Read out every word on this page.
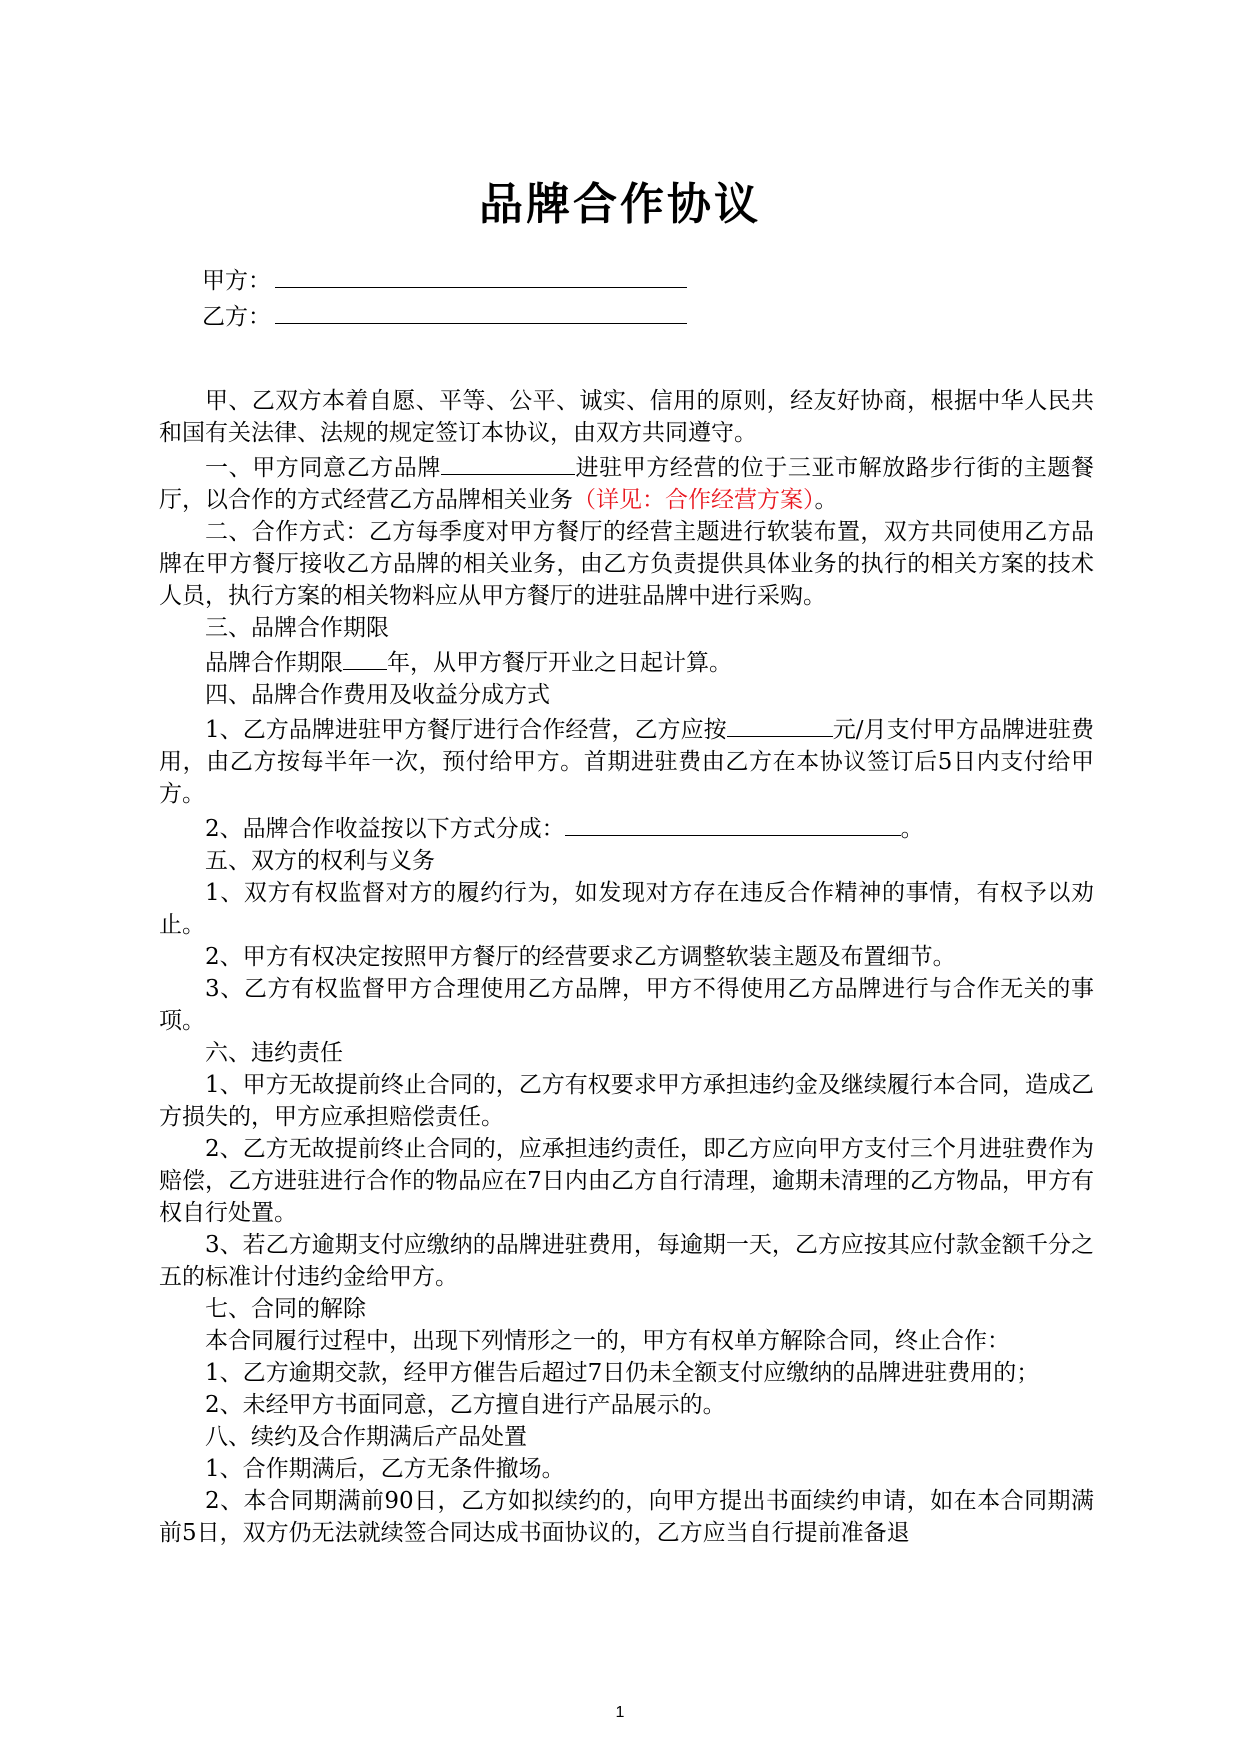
品牌合作协议
甲方：
乙方：

甲、乙双方本着自愿、平等、公平、诚实、信用的原则，经友好协商，根据中华人民共和国有关法律、法规的规定签订本协议，由双方共同遵守。

一、甲方同意乙方品牌	进驻甲方经营的位于三亚市解放路步行街的主题餐厅，以合作的方式经营乙方品牌相关业务（详见：合作经营方案）。

二、合作方式：乙方每季度对甲方餐厅的经营主题进行软装布置，双方共同使用乙方品牌在甲方餐厅接收乙方品牌的相关业务，由乙方负责提供具体业务的执行的相关方案的技术人员，执行方案的相关物料应从甲方餐厅的进驻品牌中进行采购。

三、品牌合作期限

品牌合作期限 年，从甲方餐厅开业之日起计算。

四、品牌合作费用及收益分成方式

1、乙方品牌进驻甲方餐厅进行合作经营，乙方应按	元/月支付甲方品牌进驻费用，由乙方按每半年一次，预付给甲方。首期进驻费由乙方在本协议签订后5日内支付给甲方。

2、品牌合作收益按以下方式分成：	。

五、双方的权利与义务

1、双方有权监督对方的履约行为，如发现对方存在违反合作精神的事情，有权予以劝止。

2、甲方有权决定按照甲方餐厅的经营要求乙方调整软装主题及布置细节。

3、乙方有权监督甲方合理使用乙方品牌，甲方不得使用乙方品牌进行与合作无关的事项。

六、违约责任

1、甲方无故提前终止合同的，乙方有权要求甲方承担违约金及继续履行本合同，造成乙方损失的，甲方应承担赔偿责任。

2、乙方无故提前终止合同的，应承担违约责任，即乙方应向甲方支付三个月进驻费作为赔偿，乙方进驻进行合作的物品应在7日内由乙方自行清理，逾期未清理的乙方物品，甲方有权自行处置。

3、若乙方逾期支付应缴纳的品牌进驻费用，每逾期一天，乙方应按其应付款金额千分之五的标准计付违约金给甲方。

七、合同的解除

本合同履行过程中，出现下列情形之一的，甲方有权单方解除合同，终止合作：

1、乙方逾期交款，经甲方催告后超过7日仍未全额支付应缴纳的品牌进驻费用的；

2、未经甲方书面同意，乙方擅自进行产品展示的。

八、续约及合作期满后产品处置

1、合作期满后，乙方无条件撤场。

2、本合同期满前90日，乙方如拟续约的，向甲方提出书面续约申请，如在本合同期满前5日，双方仍无法就续签合同达成书面协议的，乙方应当自行提前准备退

1
